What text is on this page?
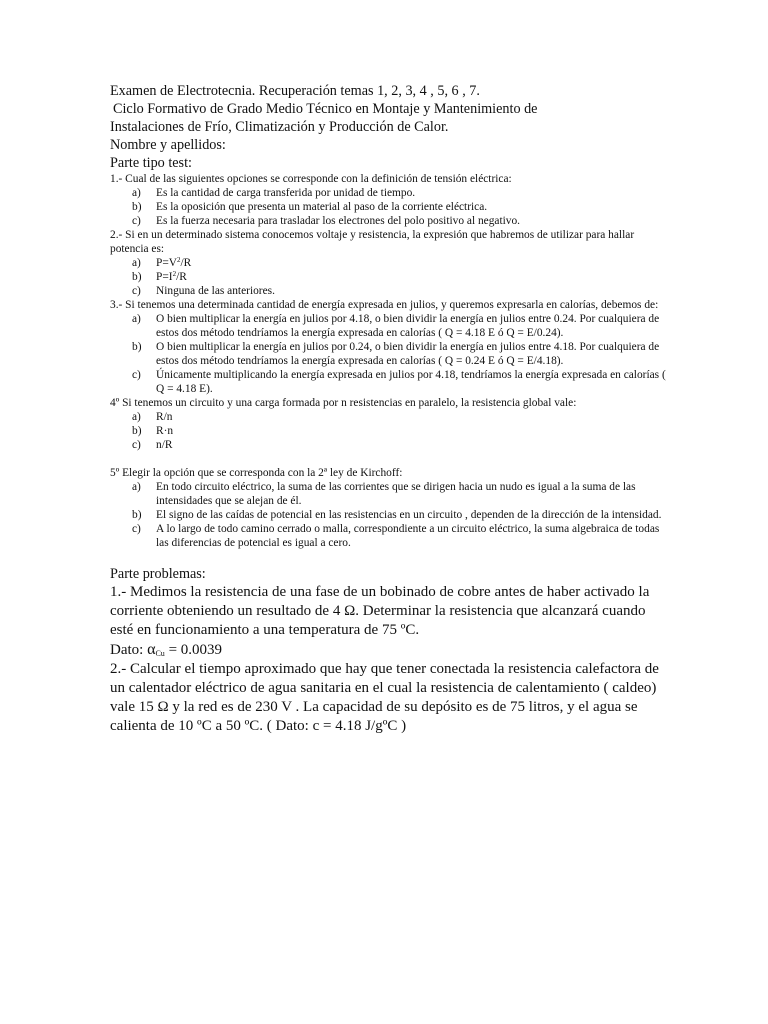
Examen de Electrotecnia. Recuperación temas 1, 2, 3, 4 , 5, 6 , 7.

Ciclo Formativo de Grado Medio Técnico en Montaje y Mantenimiento de

Instalaciones de Frío, Climatización y Producción de Calor.

Nombre y apellidos:

Parte tipo test:

1.- Cual de las siguientes opciones se corresponde con la definición de tensión eléctrica:

a) Es la cantidad de carga transferida por unidad de tiempo.
b) Es la oposición que presenta un material al paso de la corriente eléctrica.
c) Es la fuerza necesaria para trasladar los electrones del polo positivo al negativo.

2.- Si en un determinado sistema conocemos voltaje y resistencia, la expresión que habremos de utilizar para hallar potencia es:

a) $P=V^2/R$
b) $P=I^2/R$
c) Ninguna de las anteriores.

3.- Si tenemos una determinada cantidad de energía expresada en julios, y queremos expresarla en calorías, debemos de:

a) O bien multiplicar la energía en julios por 4.18, o bien dividir la energía en julios entre 0.24. Por cualquiera de estos dos método tendríamos la energía expresada en calorías ( Q = 4.18 E ó Q = E/0.24).
b) O bien multiplicar la energía en julios por 0.24, o bien dividir la energía en julios entre 4.18. Por cualquiera de estos dos método tendríamos la energía expresada en calorías ( Q = 0.24 E ó Q = E/4.18).
c) Únicamente multiplicando la energía expresada en julios por 4.18, tendríamos la energía expresada en calorías ( Q = 4.18 E).

4º Si tenemos un circuito y una carga formada por n resistencias en paralelo, la resistencia global vale:

a) R/n
b) R·n
c) n/R

5º Elegir la opción que se corresponda con la 2ª ley de Kirchoff:

a) En todo circuito eléctrico, la suma de las corrientes que se dirigen hacia un nudo es igual a la suma de las intensidades que se alejan de él.
b) El signo de las caídas de potencial en las resistencias en un circuito , dependen de la dirección de la intensidad.
c) A lo largo de todo camino cerrado o malla, correspondiente a un circuito eléctrico, la suma algebraica de todas las diferencias de potencial es igual a cero.

Parte problemas:

1.- Medimos la resistencia de una fase de un bobinado de cobre antes de haber activado la corriente obteniendo un resultado de 4 Ω. Determinar la resistencia que alcanzará cuando esté en funcionamiento a una temperatura de 75 ºC.

Dato: $\alpha_{Cu} = 0.0039$

2.- Calcular el tiempo aproximado que hay que tener conectada la resistencia calefactora de un calentador eléctrico de agua sanitaria en el cual la resistencia de calentamiento ( caldeo) vale 15 Ω y la red es de 230 V . La capacidad de su depósito es de 75 litros, y el agua se calienta de 10 ºC a 50 ºC. ( Dato: c = 4.18 J/gºC )
